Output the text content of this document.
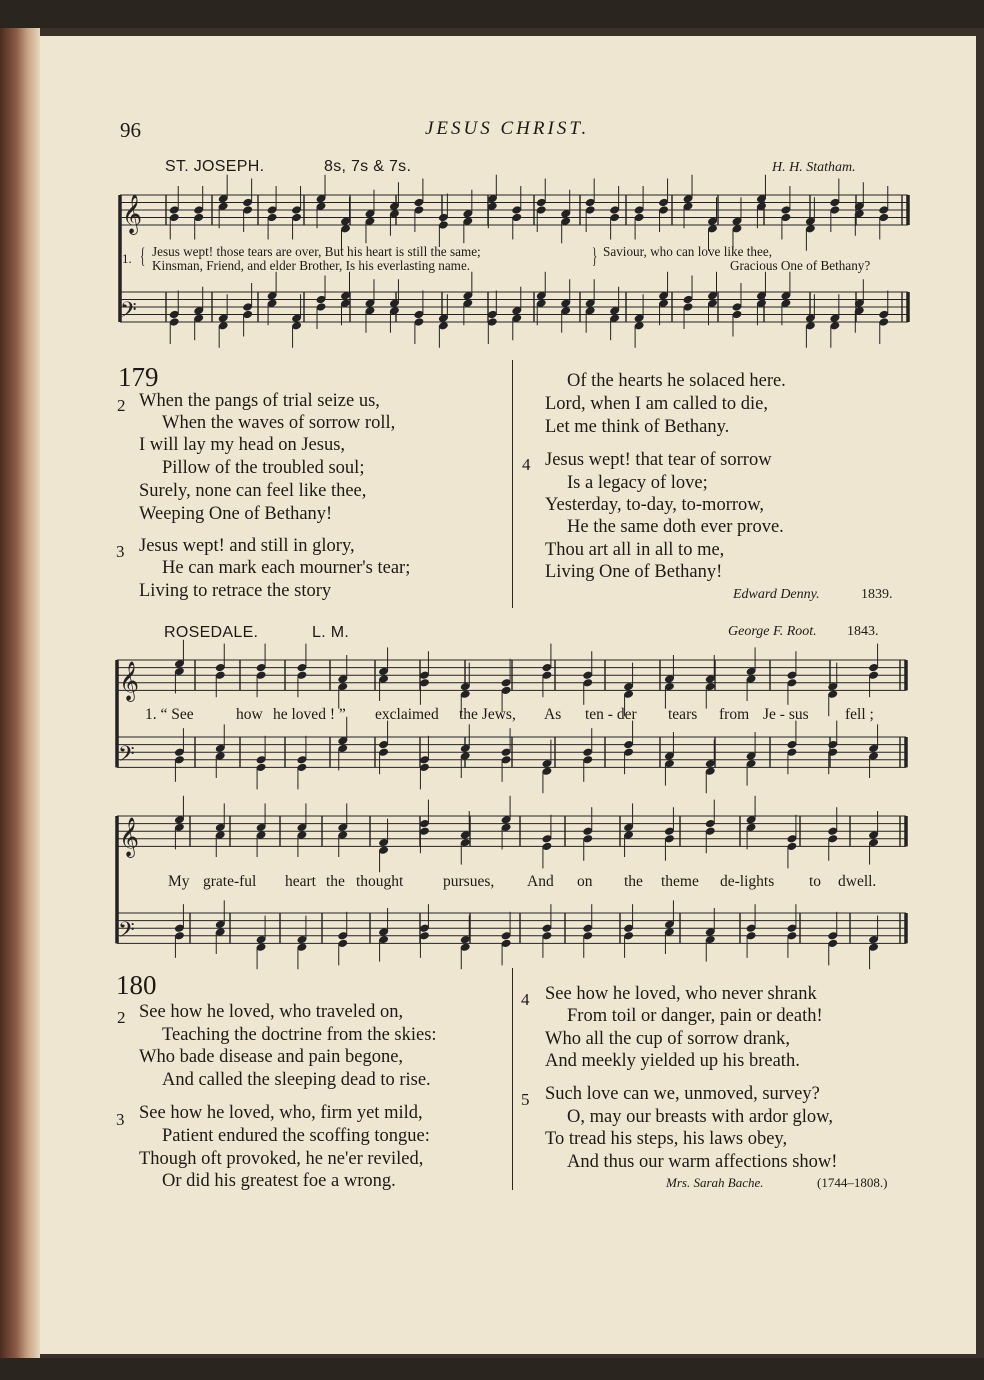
96	JESUS CHRIST.
ST. JOSEPH.	8s, 7s & 7s.	H. H. Statham.
𝄞
𝄢
𝄞
𝄢
𝄞
𝄢
1. { Jesus wept! those tears are over, But his heart is still the same;
Kinsman, Friend, and elder Brother, Is his everlasting name.	} Saviour, who can love like thee,
Gracious One of Bethany?
179
2 When the pangs of trial seize us,
When the waves of sorrow roll,
I will lay my head on Jesus,
Pillow of the troubled soul;
Surely, none can feel like thee,
Weeping One of Bethany!
3 Jesus wept! and still in glory,
He can mark each mourner's tear;
Living to retrace the story
Of the hearts he solaced here.
Lord, when I am called to die,
Let me think of Bethany.
4 Jesus wept! that tear of sorrow
Is a legacy of love;
Yesterday, to-day, to-morrow,
He the same doth ever prove.
Thou art all in all to me,
Living One of Bethany!
Edward Denny.	1839.
ROSEDALE.	L. M.	George F. Root. 1843.
1. “ See	how he loved ! ” exclaimed the Jews, As ten - der tears from Je - sus fell ;
My grate-ful heart the thought	pursues, And on the theme de-lights to dwell.
180
2 See how he loved, who traveled on,
Teaching the doctrine from the skies:
Who bade disease and pain begone,
And called the sleeping dead to rise.
3 See how he loved, who, firm yet mild,
Patient endured the scoffing tongue:
Though oft provoked, he ne'er reviled,
Or did his greatest foe a wrong.
4 See how he loved, who never shrank
From toil or danger, pain or death!
Who all the cup of sorrow drank,
And meekly yielded up his breath.
5 Such love can we, unmoved, survey?
O, may our breasts with ardor glow,
To tread his steps, his laws obey,
And thus our warm affections show!
Mrs. Sarah Bache.	(1744–1808.)
